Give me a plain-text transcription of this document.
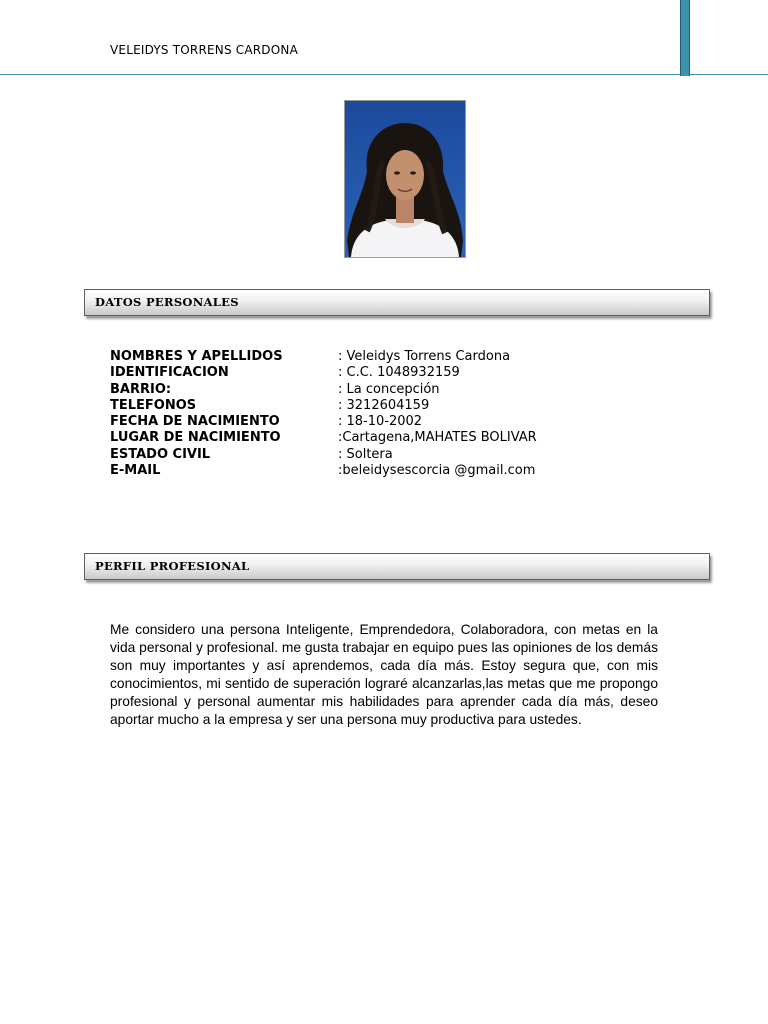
VELEIDYS TORRENS CARDONA
DATOS PERSONALES
NOMBRES Y APELLIDOS	: Veleidys Torrens Cardona
IDENTIFICACION	: C.C. 1048932159
BARRIO:	: La concepción
TELEFONOS	: 3212604159
FECHA DE NACIMIENTO	: 18-10-2002
LUGAR DE NACIMIENTO	:Cartagena,MAHATES BOLIVAR
ESTADO CIVIL	: Soltera
E-MAIL	:beleidysescorcia @gmail.com
PERFIL PROFESIONAL
Me considero una persona Inteligente, Emprendedora, Colaboradora, con metas en la vida personal y profesional. me gusta trabajar en equipo pues las opiniones de los demás son muy importantes y así aprendemos, cada día más. Estoy segura que, con mis conocimientos, mi sentido de superación lograré alcanzarlas,las metas que me propongo profesional y personal aumentar mis habilidades para aprender cada día más, deseo aportar mucho a la empresa y ser una persona muy productiva para ustedes.
